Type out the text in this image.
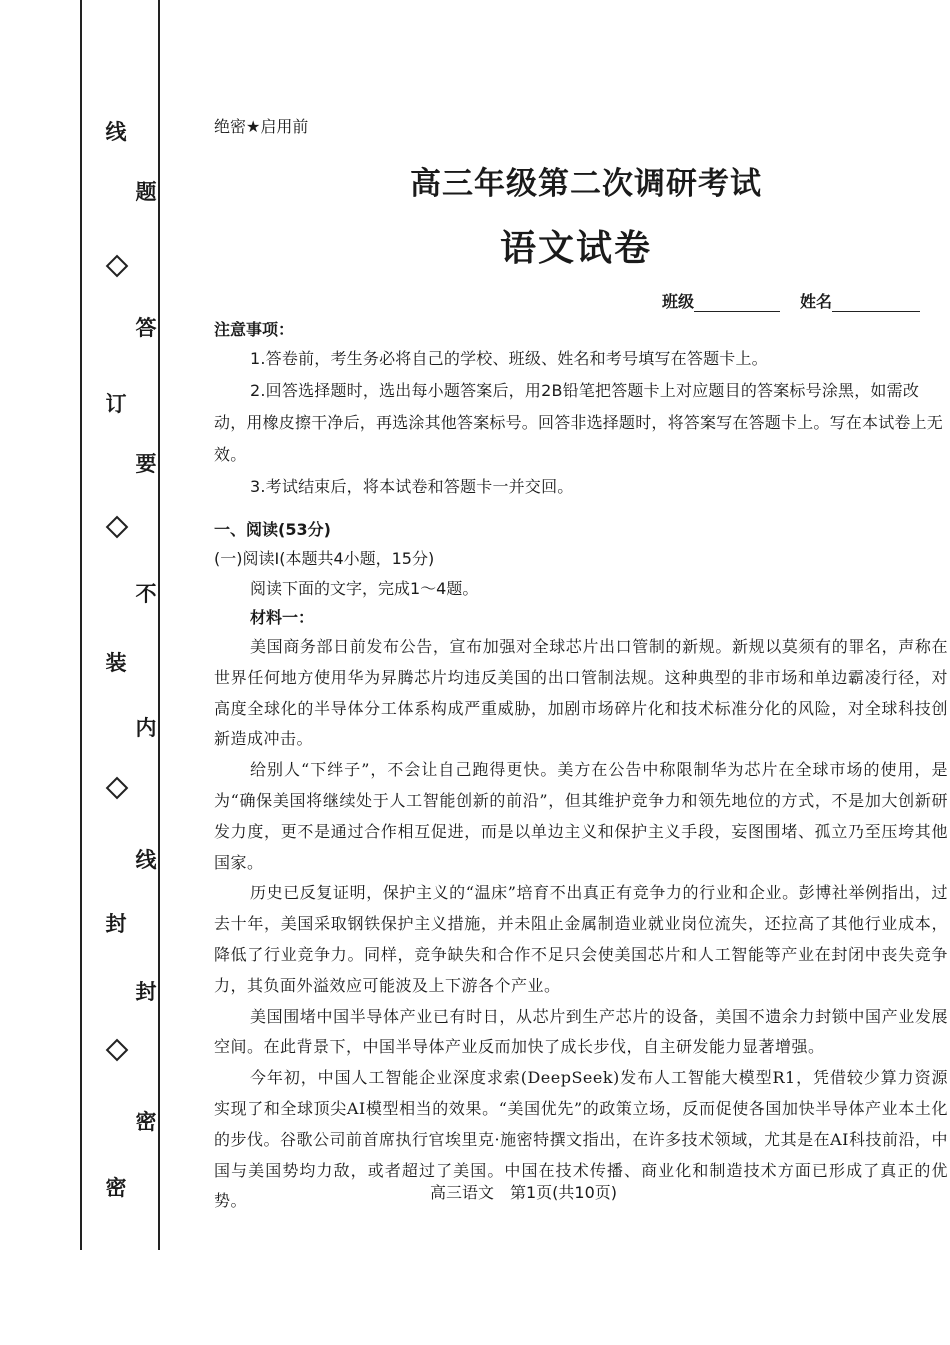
线
订
装
封
密
题
答
要
不
内
线
封
密
绝密★启用前
高三年级第二次调研考试
语文试卷
班级	姓名
注意事项：

1.答卷前，考生务必将自己的学校、班级、姓名和考号填写在答题卡上。

2.回答选择题时，选出每小题答案后，用2B铅笔把答题卡上对应题目的答案标号涂黑，如需改动，用橡皮擦干净后，再选涂其他答案标号。回答非选择题时，将答案写在答题卡上。写在本试卷上无效。

3.考试结束后，将本试卷和答题卡一并交回。

一、阅读(53分)
(一)阅读Ⅰ(本题共4小题，15分)
阅读下面的文字，完成1～4题。
材料一：

美国商务部日前发布公告，宣布加强对全球芯片出口管制的新规。新规以莫须有的罪名，声称在世界任何地方使用华为昇腾芯片均违反美国的出口管制法规。这种典型的非市场和单边霸凌行径，对高度全球化的半导体分工体系构成严重威胁，加剧市场碎片化和技术标准分化的风险，对全球科技创新造成冲击。

给别人“下绊子”，不会让自己跑得更快。美方在公告中称限制华为芯片在全球市场的使用，是为“确保美国将继续处于人工智能创新的前沿”，但其维护竞争力和领先地位的方式，不是加大创新研发力度，更不是通过合作相互促进，而是以单边主义和保护主义手段，妄图围堵、孤立乃至压垮其他国家。

历史已反复证明，保护主义的“温床”培育不出真正有竞争力的行业和企业。彭博社举例指出，过去十年，美国采取钢铁保护主义措施，并未阻止金属制造业就业岗位流失，还拉高了其他行业成本，降低了行业竞争力。同样，竞争缺失和合作不足只会使美国芯片和人工智能等产业在封闭中丧失竞争力，其负面外溢效应可能波及上下游各个产业。

美国围堵中国半导体产业已有时日，从芯片到生产芯片的设备，美国不遗余力封锁中国产业发展空间。在此背景下，中国半导体产业反而加快了成长步伐，自主研发能力显著增强。

今年初，中国人工智能企业深度求索(DeepSeek)发布人工智能大模型R1，凭借较少算力资源实现了和全球顶尖AI模型相当的效果。“美国优先”的政策立场，反而促使各国加快半导体产业本土化的步伐。谷歌公司前首席执行官埃里克·施密特撰文指出，在许多技术领域，尤其是在AI科技前沿，中国与美国势均力敌，或者超过了美国。中国在技术传播、商业化和制造技术方面已形成了真正的优势。	高三语文　第1页(共10页)
